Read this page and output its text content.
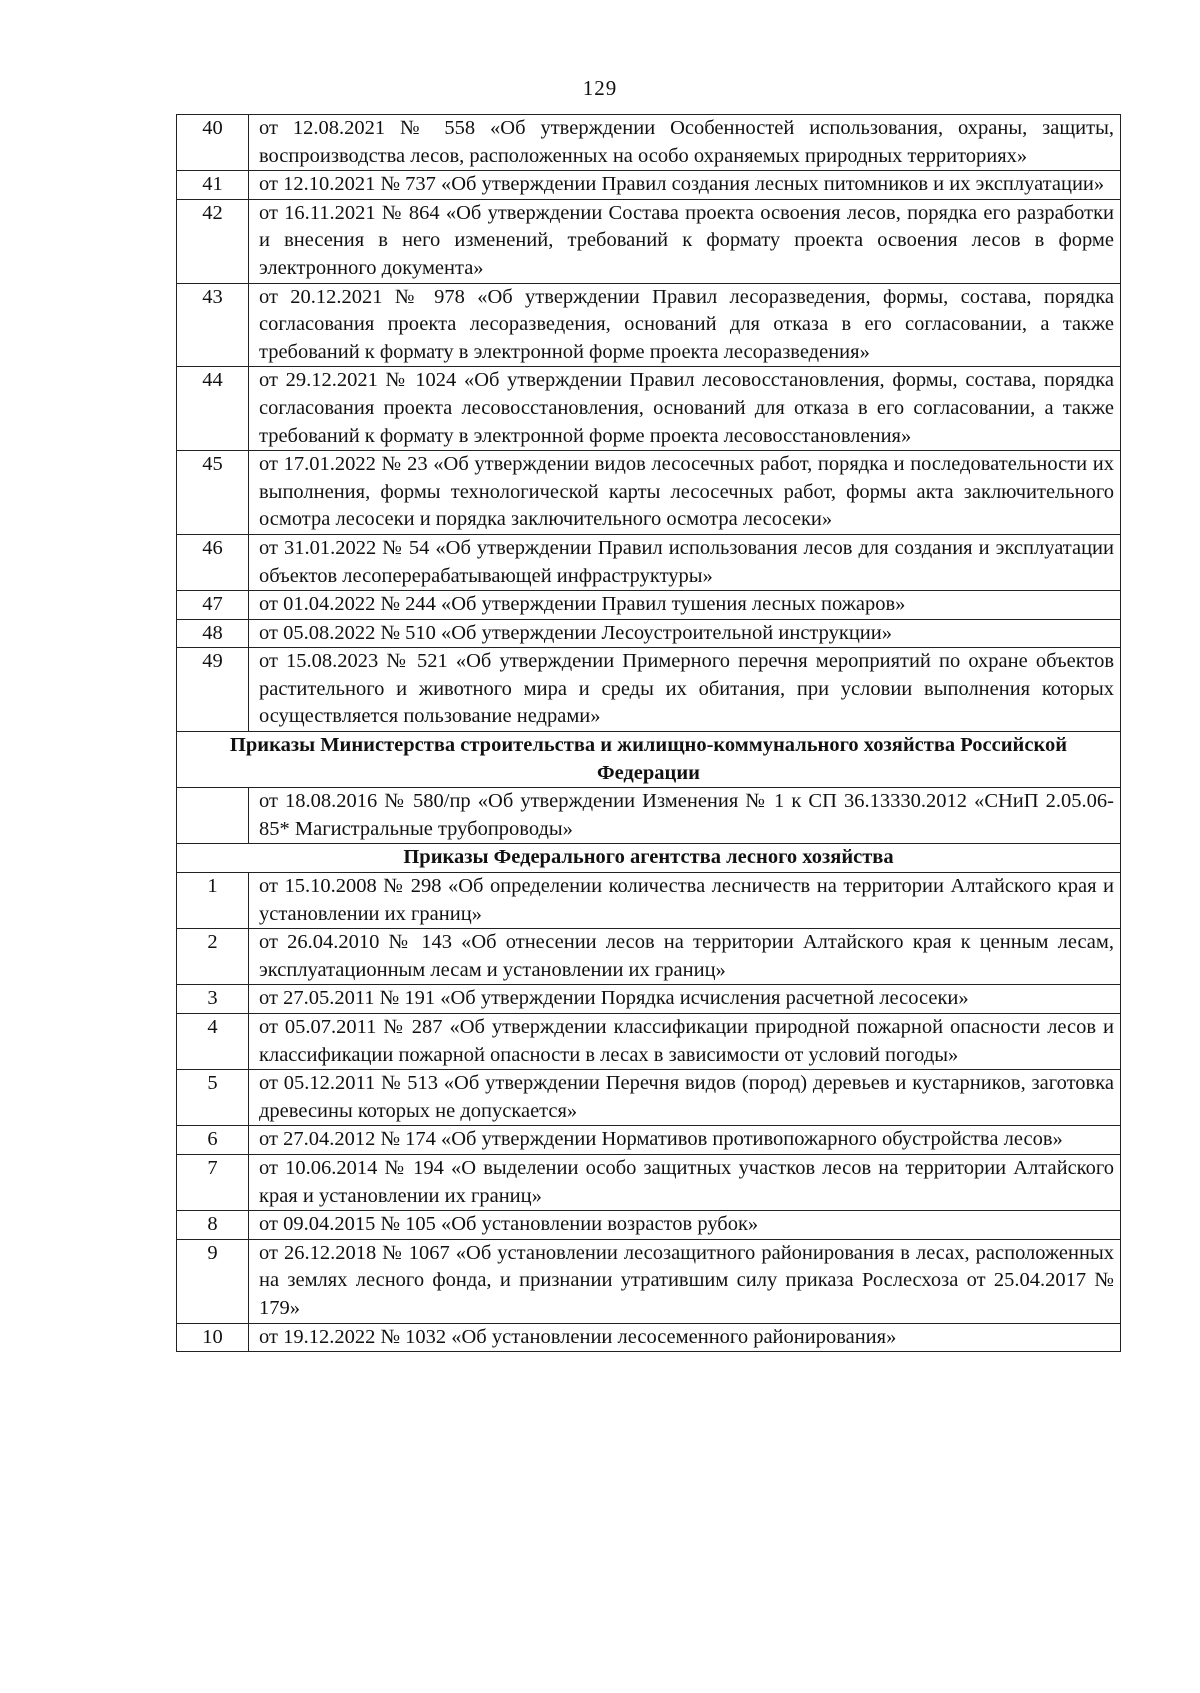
129
40	от 12.08.2021 № 558 «Об утверждении Особенностей использования, охраны, защиты, воспроизводства лесов, расположенных на особо охраняемых природных территориях»
41	от 12.10.2021 № 737 «Об утверждении Правил создания лесных питомников и их эксплуатации»
42	от 16.11.2021 № 864 «Об утверждении Состава проекта освоения лесов, порядка его разработки и внесения в него изменений, требований к формату проекта освоения лесов в форме электронного документа»
43	от 20.12.2021 № 978 «Об утверждении Правил лесоразведения, формы, состава, порядка согласования проекта лесоразведения, оснований для отказа в его согласовании, а также требований к формату в электронной форме проекта лесоразведения»
44	от 29.12.2021 № 1024 «Об утверждении Правил лесовосстановления, формы, состава, порядка согласования проекта лесовосстановления, оснований для отказа в его согласовании, а также требований к формату в электронной форме проекта лесовосстановления»
45	от 17.01.2022 № 23 «Об утверждении видов лесосечных работ, порядка и последовательности их выполнения, формы технологической карты лесосечных работ, формы акта заключительного осмотра лесосеки и порядка заключительного осмотра лесосеки»
46	от 31.01.2022 № 54 «Об утверждении Правил использования лесов для создания и эксплуатации объектов лесоперерабатывающей инфраструктуры»
47	от 01.04.2022 № 244 «Об утверждении Правил тушения лесных пожаров»
48	от 05.08.2022 № 510 «Об утверждении Лесоустроительной инструкции»
49	от 15.08.2023 № 521 «Об утверждении Примерного перечня мероприятий по охране объектов растительного и животного мира и среды их обитания, при условии выполнения которых осуществляется пользование недрами»
Приказы Министерства строительства и жилищно-коммунального хозяйства Российской Федерации	
	от 18.08.2016 № 580/пр «Об утверждении Изменения № 1 к СП 36.13330.2012 «СНиП 2.05.06-85* Магистральные трубопроводы»
Приказы Федерального агентства лесного хозяйства	
1	от 15.10.2008 № 298 «Об определении количества лесничеств на территории Алтайского края и установлении их границ»
2	от 26.04.2010 № 143 «Об отнесении лесов на территории Алтайского края к ценным лесам, эксплуатационным лесам и установлении их границ»
3	от 27.05.2011 № 191 «Об утверждении Порядка исчисления расчетной лесосеки»
4	от 05.07.2011 № 287 «Об утверждении классификации природной пожарной опасности лесов и классификации пожарной опасности в лесах в зависимости от условий погоды»
5	от 05.12.2011 № 513 «Об утверждении Перечня видов (пород) деревьев и кустарников, заготовка древесины которых не допускается»
6	от 27.04.2012 № 174 «Об утверждении Нормативов противопожарного обустройства лесов»
7	от 10.06.2014 № 194 «О выделении особо защитных участков лесов на территории Алтайского края и установлении их границ»
8	от 09.04.2015 № 105 «Об установлении возрастов рубок»
9	от 26.12.2018 № 1067 «Об установлении лесозащитного районирования в лесах, расположенных на землях лесного фонда, и признании утратившим силу приказа Рослесхоза от 25.04.2017 № 179»
10	от 19.12.2022 № 1032 «Об установлении лесосеменного районирования»
